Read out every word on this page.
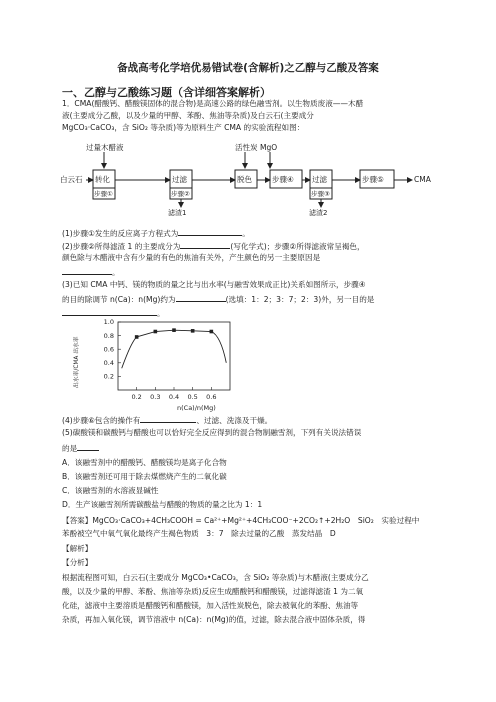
备战高考化学培优易错试卷(含解析)之乙醇与乙酸及答案
一、乙醇与乙酸练习题（含详细答案解析）
1．CMA(醋酸钙、醋酸镁固体的混合物)是高速公路的绿色融雪剂。以生物质废液——木醋
液(主要成分乙酸，以及少量的甲醇、苯酚、焦油等杂质)及白云石(主要成分
MgCO₃·CaCO₃，含 SiO₂ 等杂质)等为原料生产 CMA 的实验流程如图：
过量木醋液	活性炭 MgO
白云石 转化	过滤	脱色	步骤④ 过滤	步骤⑤	CMA
步骤①	步骤②	步骤③
滤渣1	滤渣2
(1)步骤①发生的反应离子方程式为	。
(2)步骤②所得滤渣 1 的主要成分为	(写化学式)；步骤②所得滤液常呈褐色，
颜色除与木醋液中含有少量的有色的焦油有关外，产生颜色的另一主要原因是
。
(3)已知 CMA 中钙、镁的物质的量之比与出水率(与融雪效果成正比)关系如图所示，步骤④
的目的除调节 n(Ca)：n(Mg)约为	(选填：1：2；3：7；2：3)外，另一目的是
。
出水率/CMA 出水率
1.0
0.8
0.6
0.4
0.2
0.2 0.3 0.4 0.5 0.6
n(Ca)/n(Mg)
(4)步骤⑥包含的操作有	、过滤、洗涤及干燥。
(5)碳酸镁和碳酸钙与醋酸也可以恰好完全反应得到的混合物制融雪剂，下列有关说法错误
的是
A．该融雪剂中的醋酸钙、醋酸镁均是离子化合物
B．该融雪剂还可用于除去煤燃烧产生的二氧化碳
C．该融雪剂的水溶液显碱性
D．生产该融雪剂所需碳酸盐与醋酸的物质的量之比为 1：1
【答案】MgCO₃·CaCO₃+4CH₃COOH = Ca²⁺+Mg²⁺+4CH₃COO⁻+2CO₂↑+2H₂O　SiO₂　实验过程中
苯酚被空气中氧气氧化最终产生褐色物质　3：7　除去过量的乙酸　蒸发结晶　D
【解析】
【分析】
根据流程图可知，白云石(主要成分 MgCO₃•CaCO₃，含 SiO₂ 等杂质)与木醋液(主要成分乙
酸，以及少量的甲醇、苯酚、焦油等杂质)反应生成醋酸钙和醋酸镁，过滤得滤渣 1 为二氧
化硅，滤液中主要溶质是醋酸钙和醋酸镁，加入活性炭脱色，除去被氧化的苯酚、焦油等
杂质，再加入氧化镁，调节溶液中 n(Ca)：n(Mg)的值，过滤，除去混合液中固体杂质，得
